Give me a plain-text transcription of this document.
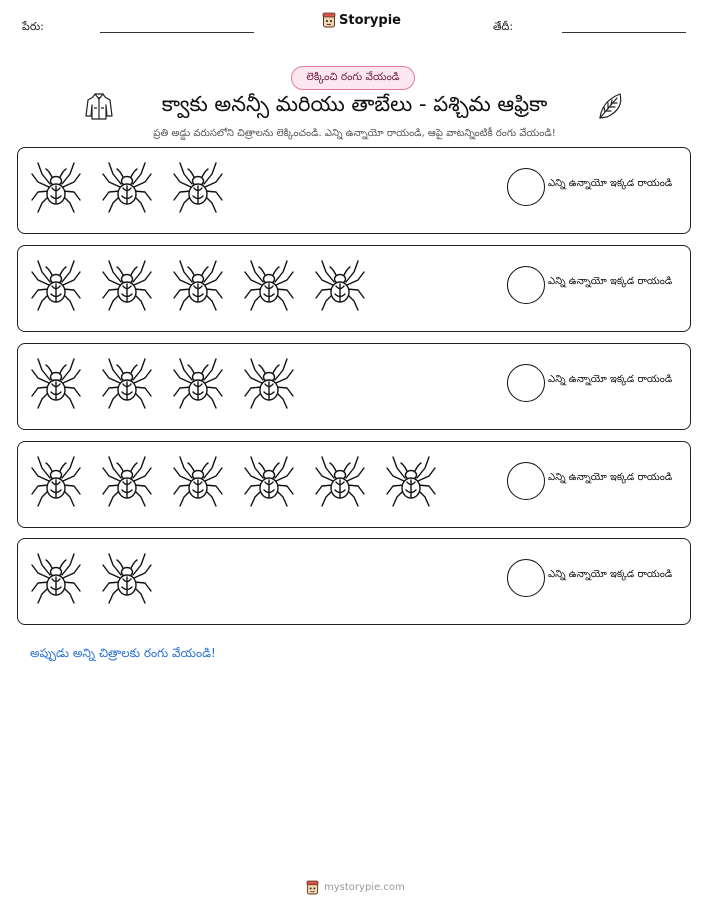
పేరు:	Storypie	తేదీ:
లెక్కించి రంగు వేయండి
క్వాకు అనన్సీ మరియు తాబేలు - పశ్చిమ ఆఫ్రికా
ప్రతి అడ్డు వరుసలోని చిత్రాలను లెక్కించండి. ఎన్ని ఉన్నాయో రాయండి, ఆపై వాటన్నింటికీ రంగు వేయండి!
ఎన్ని ఉన్నాయో ఇక్కడ రాయండి
ఎన్ని ఉన్నాయో ఇక్కడ రాయండి
ఎన్ని ఉన్నాయో ఇక్కడ రాయండి
ఎన్ని ఉన్నాయో ఇక్కడ రాయండి
ఎన్ని ఉన్నాయో ఇక్కడ రాయండి
అప్పుడు అన్ని చిత్రాలకు రంగు వేయండి!
mystorypie.com
